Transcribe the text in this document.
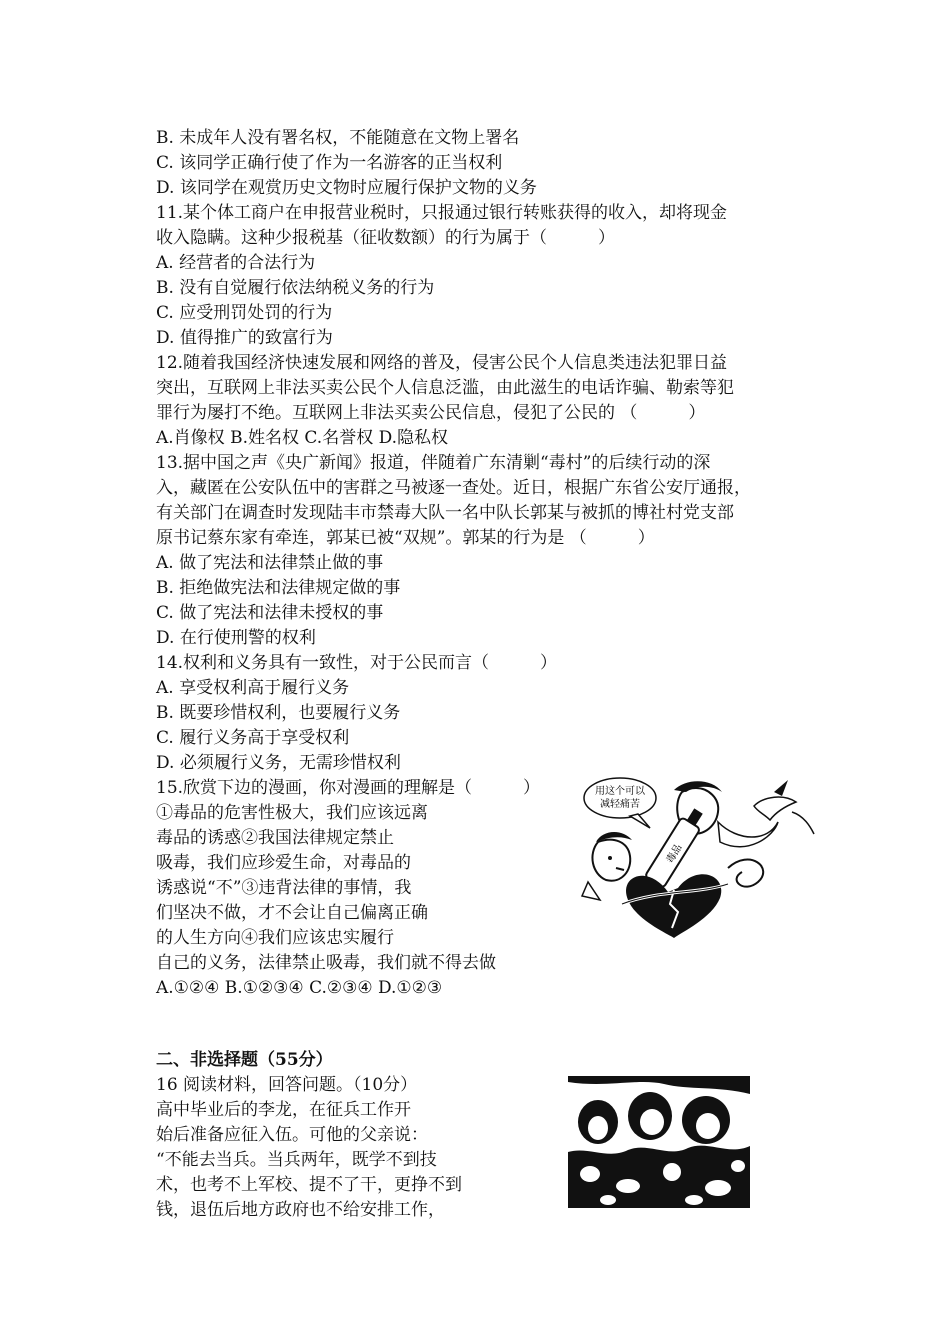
B. 未成年人没有署名权，不能随意在文物上署名
C. 该同学正确行使了作为一名游客的正当权利
D. 该同学在观赏历史文物时应履行保护文物的义务
11.某个体工商户在申报营业税时，只报通过银行转账获得的收入，却将现金
收入隐瞒。这种少报税基（征收数额）的行为属于（　　　）
A. 经营者的合法行为
B. 没有自觉履行依法纳税义务的行为
C. 应受刑罚处罚的行为
D. 值得推广的致富行为
12.随着我国经济快速发展和网络的普及，侵害公民个人信息类违法犯罪日益
突出，互联网上非法买卖公民个人信息泛滥，由此滋生的电话诈骗、勒索等犯
罪行为屡打不绝。互联网上非法买卖公民信息，侵犯了公民的 （　　　）
A.肖像权 B.姓名权 C.名誉权 D.隐私权
13.据中国之声《央广新闻》报道，伴随着广东清剿“毒村”的后续行动的深
入，藏匿在公安队伍中的害群之马被逐一查处。近日，根据广东省公安厅通报，
有关部门在调查时发现陆丰市禁毒大队一名中队长郭某与被抓的博社村党支部
原书记蔡东家有牵连，郭某已被“双规”。郭某的行为是 （　　　）
A. 做了宪法和法律禁止做的事
B. 拒绝做宪法和法律规定做的事
C. 做了宪法和法律未授权的事
D. 在行使刑警的权利
14.权利和义务具有一致性，对于公民而言（　　　）
A. 享受权利高于履行义务
B. 既要珍惜权利，也要履行义务
C. 履行义务高于享受权利
D. 必须履行义务，无需珍惜权利
15.欣赏下边的漫画，你对漫画的理解是（　　　）
①毒品的危害性极大，我们应该远离
毒品的诱惑②我国法律规定禁止
吸毒，我们应珍爱生命，对毒品的
诱惑说“不”③违背法律的事情，我
们坚决不做，才不会让自己偏离正确
的人生方向④我们应该忠实履行
自己的义务，法律禁止吸毒，我们就不得去做
A.①②④ B.①②③④ C.②③④ D.①②③
用这个可以
减轻痛苦
毒品
二、非选择题（55分）
16 阅读材料，回答问题。（10分）
高中毕业后的李龙，在征兵工作开
始后准备应征入伍。可他的父亲说：
“不能去当兵。当兵两年，既学不到技
术，也考不上军校、提不了干，更挣不到
钱，退伍后地方政府也不给安排工作，
